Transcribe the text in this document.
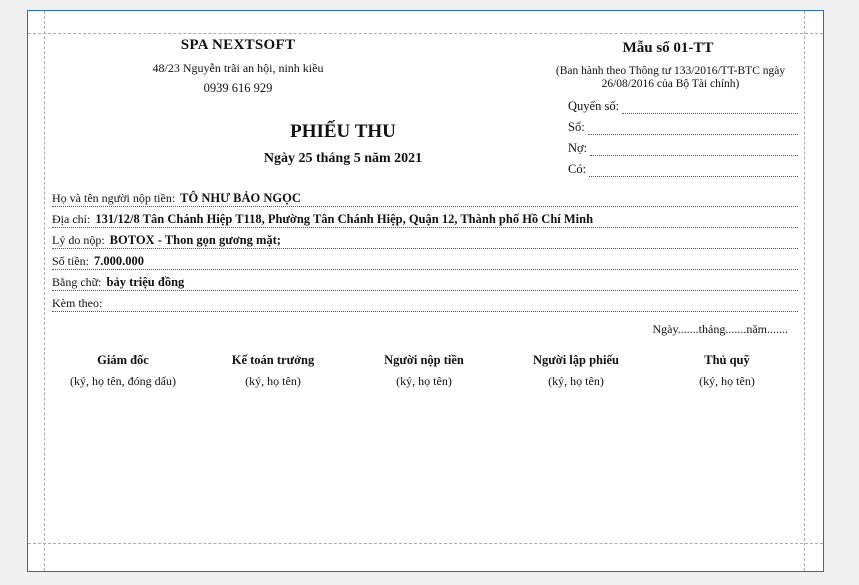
SPA NEXTSOFT
48/23 Nguyễn trãi an hội, ninh kiều
0939 616 929
Mẫu số 01-TT
(Ban hành theo Thông tư 133/2016/TT-BTC ngày 26/08/2016 của Bộ Tài chính)
Quyển số:
Số:
Nợ:
Có:
PHIẾU THU
Ngày 25 tháng 5 năm 2021
Họ và tên người nộp tiền: TÔ NHƯ BẢO NGỌC
Địa chỉ: 131/12/8 Tân Chánh Hiệp T118, Phường Tân Chánh Hiệp, Quận 12, Thành phố Hồ Chí Minh
Lý do nộp: BOTOX - Thon gọn gương mặt;
Số tiền: 7.000.000
Bằng chữ: bảy triệu đồng
Kèm theo:
Ngày.......tháng.......năm.......
Giám đốc
(ký, họ tên, đóng dấu)
Kế toán trưởng
(ký, họ tên)
Người nộp tiền
(ký, họ tên)
Người lập phiếu
(ký, họ tên)
Thủ quỹ
(ký, họ tên)
